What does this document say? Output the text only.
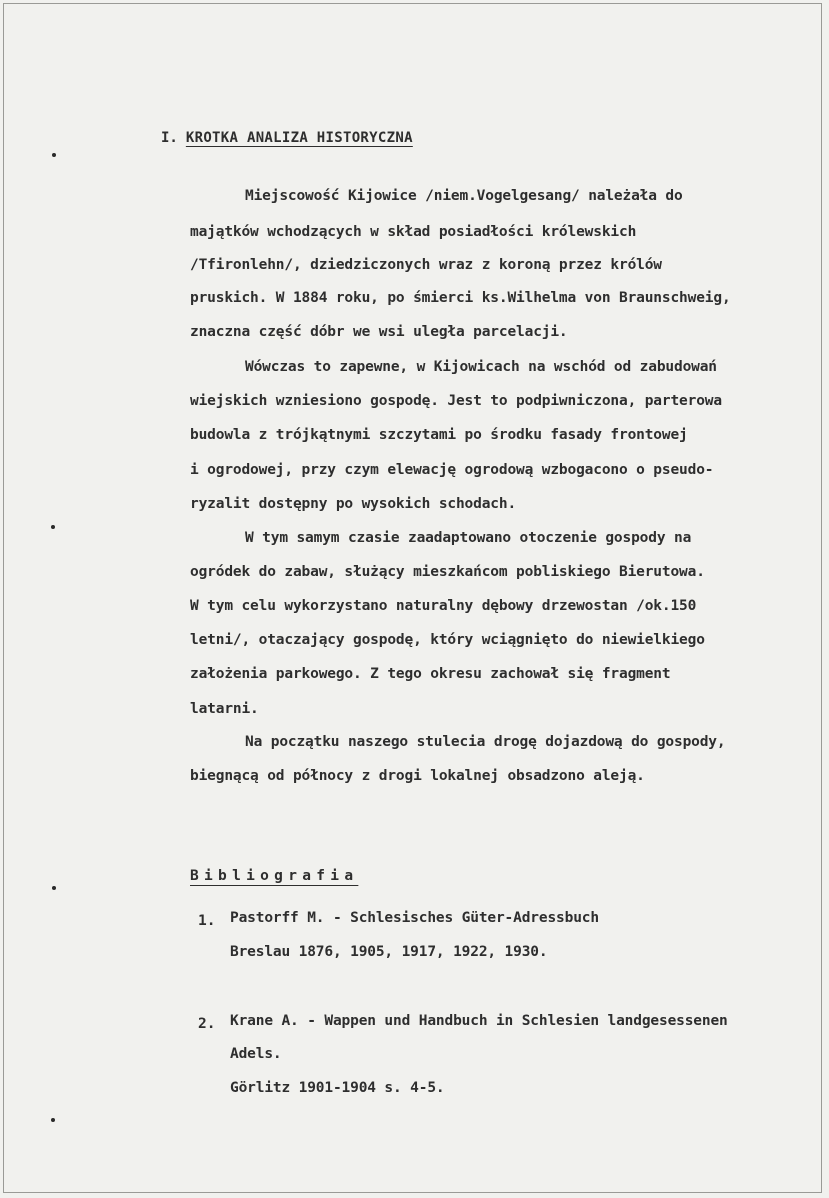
I. KROTKA ANALIZA HISTORYCZNA
Miejscowość Kijowice /niem.Vogelgesang/ należała do
majątków wchodzących w skład posiadłości królewskich
/Tfironlehn/, dziedziczonych wraz z koroną przez królów
pruskich. W 1884 roku, po śmierci ks.Wilhelma von Braunschweig,
znaczna część dóbr we wsi uległa parcelacji.
Wówczas to zapewne, w Kijowicach na wschód od zabudowań
wiejskich wzniesiono gospodę. Jest to podpiwniczona, parterowa
budowla z trójkątnymi szczytami po środku fasady frontowej
i ogrodowej, przy czym elewację ogrodową wzbogacono o pseudo-
ryzalit dostępny po wysokich schodach.
W tym samym czasie zaadaptowano otoczenie gospody na
ogródek do zabaw, służący mieszkańcom pobliskiego Bierutowa.
W tym celu wykorzystano naturalny dębowy drzewostan /ok.150
letni/, otaczający gospodę, który wciągnięto do niewielkiego
założenia parkowego. Z tego okresu zachował się fragment
latarni.
Na początku naszego stulecia drogę dojazdową do gospody,
biegnącą od północy z drogi lokalnej obsadzono aleją.
Bibliografia
1. Pastorff M. - Schlesisches Güter-Adressbuch
Breslau 1876, 1905, 1917, 1922, 1930.
2. Krane A. - Wappen und Handbuch in Schlesien landgesessenen
Adels.
Görlitz 1901-1904 s. 4-5.
